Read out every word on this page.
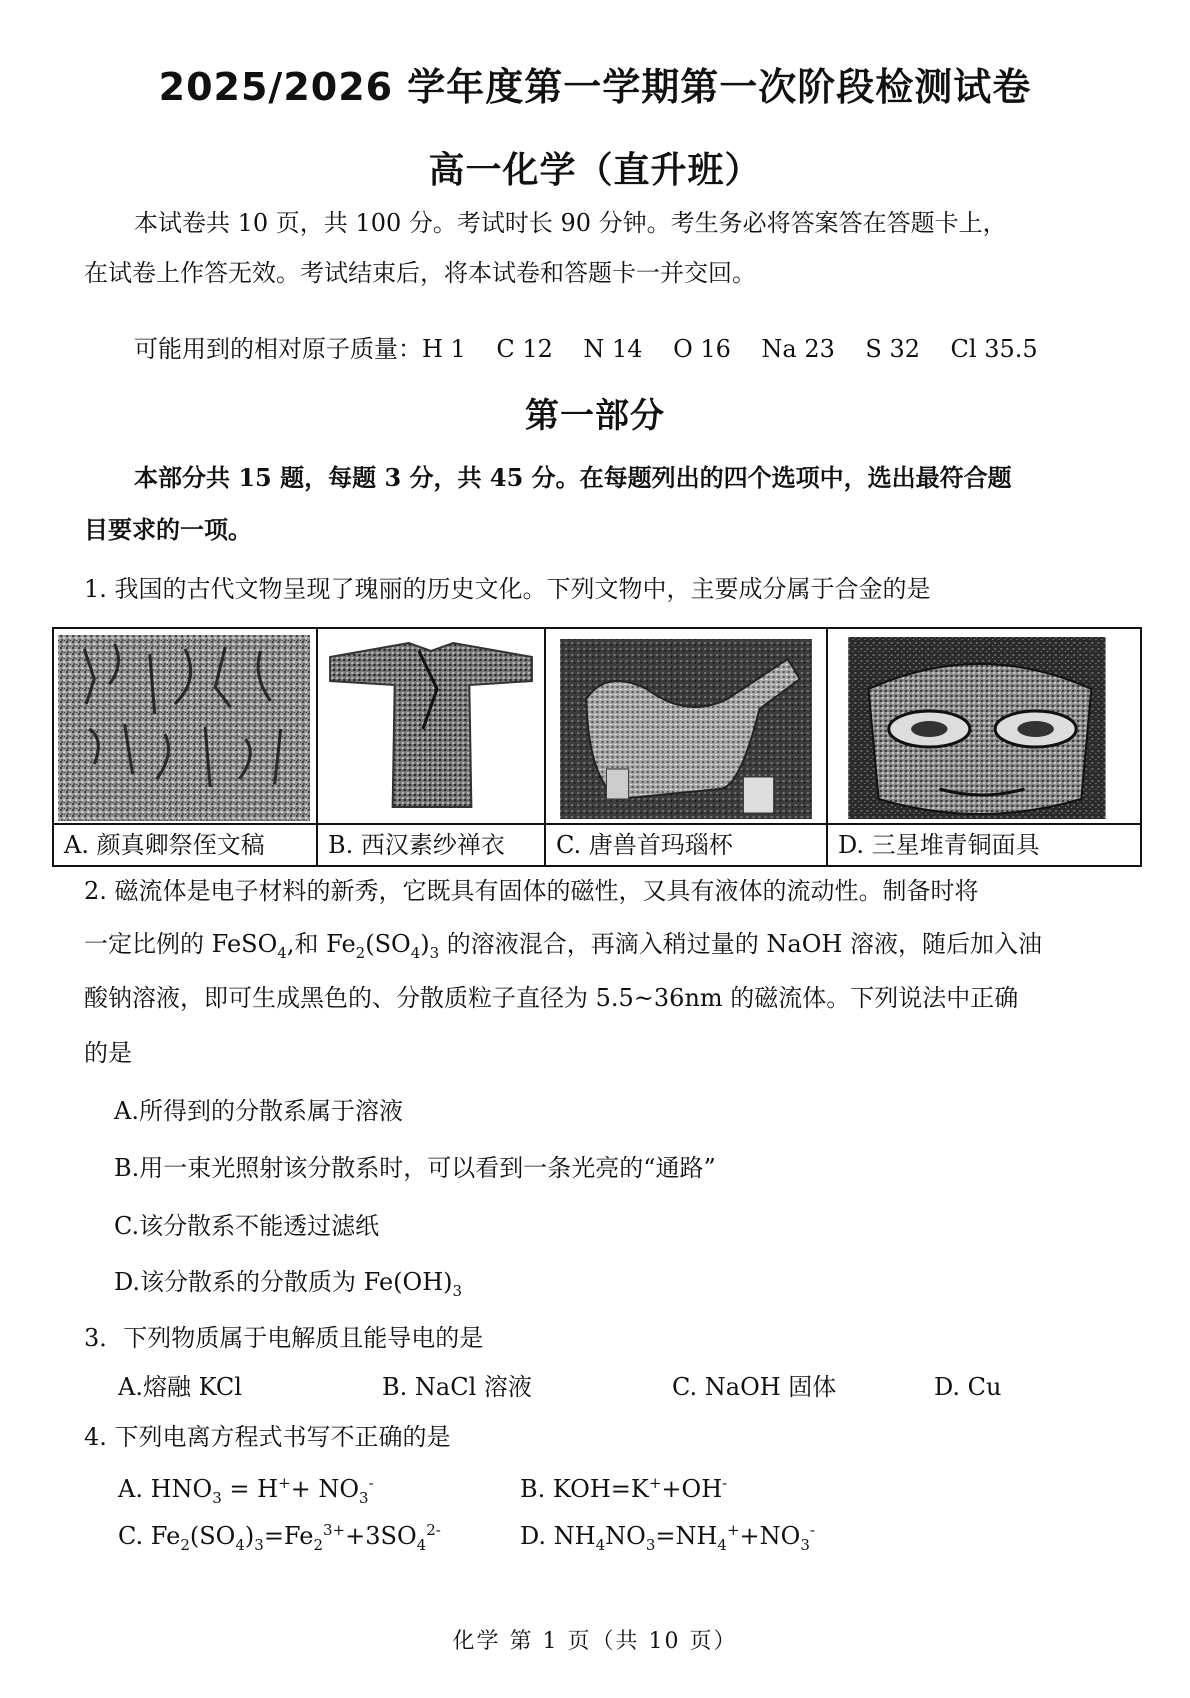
2025/2026 学年度第一学期第一次阶段检测试卷
高一化学（直升班）
本试卷共 10 页，共 100 分。考试时长 90 分钟。考生务必将答案答在答题卡上，
在试卷上作答无效。考试结束后，将本试卷和答题卡一并交回。
可能用到的相对原子质量：H 1    C 12    N 14    O 16    Na 23    S 32    Cl 35.5
第一部分
本部分共 15 题，每题 3 分，共 45 分。在每题列出的四个选项中，选出最符合题
目要求的一项。
1. 我国的古代文物呈现了瑰丽的历史文化。下列文物中，主要成分属于合金的是
A. 颜真卿祭侄文稿	B. 西汉素纱禅衣	C. 唐兽首玛瑙杯	D. 三星堆青铜面具
2. 磁流体是电子材料的新秀，它既具有固体的磁性，又具有液体的流动性。制备时将
一定比例的 FeSO$_4$,和 $Fe_2(SO_4)_3$ 的溶液混合，再滴入稍过量的 NaOH 溶液，随后加入油
酸钠溶液，即可生成黑色的、分散质粒子直径为 5.5~36nm 的磁流体。下列说法中正确
的是
A.所得到的分散系属于溶液
B.用一束光照射该分散系时，可以看到一条光亮的“通路”
C.该分散系不能透过滤纸
D.该分散系的分散质为 $Fe(OH)_3$
3．下列物质属于电解质且能导电的是
A.熔融 KCl	B. NaCl 溶液	C. NaOH 固体	D. Cu
4. 下列电离方程式书写不正确的是
A. $HNO_3 = H^++ NO_3^-$	B. KOH=K++OH-
C. $Fe_2(SO_4)_3=Fe_2^{3+}+3SO_4^{2-}$	D. $NH_4NO_3=NH_4^++NO_3^-$
化学 第 1 页（共 10 页）
